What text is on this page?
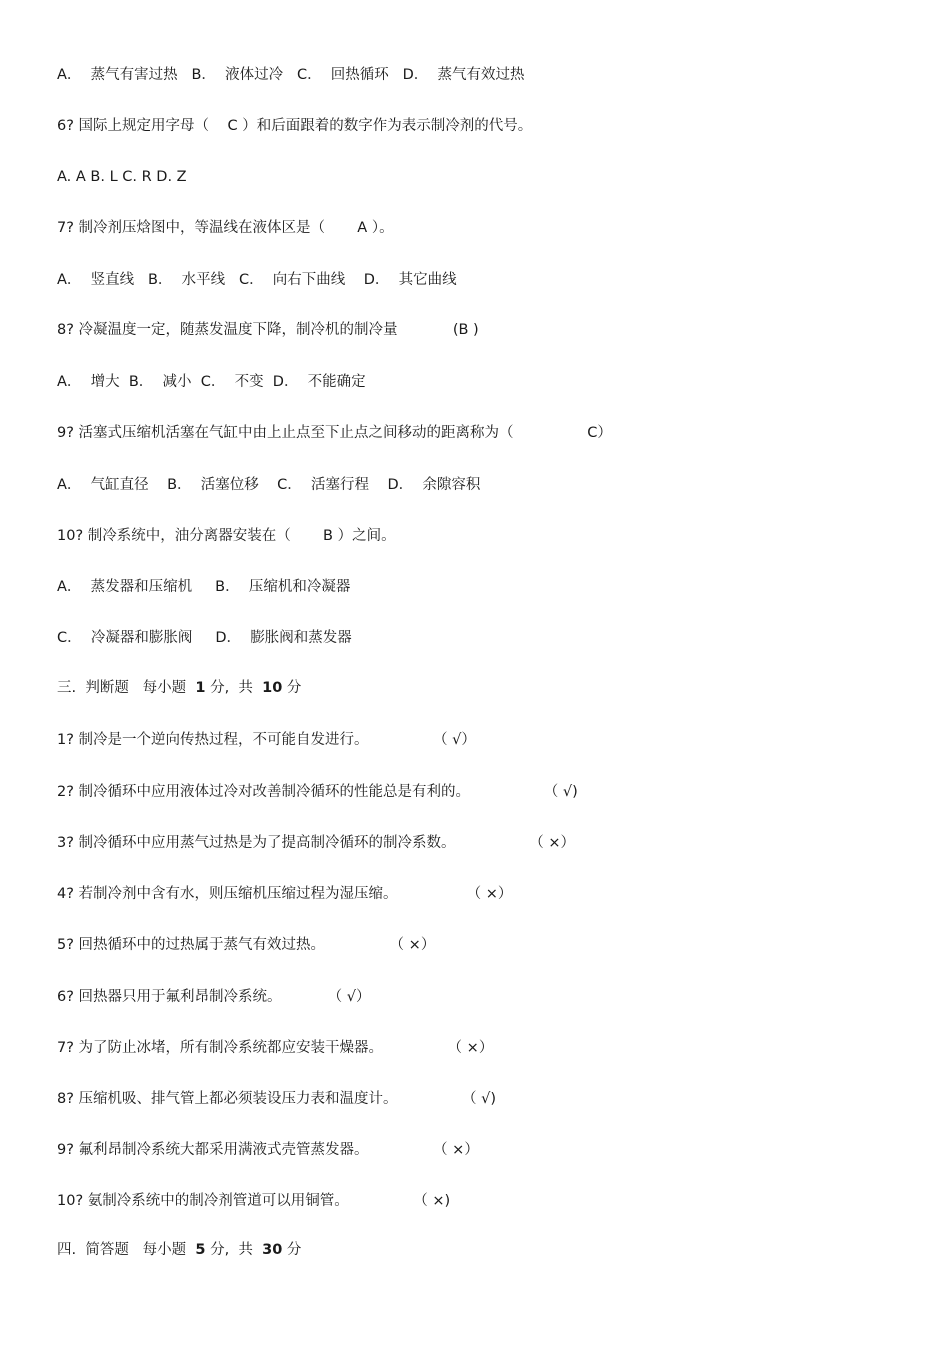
A．  蒸气有害过热   B．  液体过冷   C．  回热循环   D．  蒸气有效过热
6? 国际上规定用字母（    C ）和后面跟着的数字作为表示制冷剂的代号。
A. A B. L C. R D. Z
7? 制冷剂压焓图中，等温线在液体区是（       A ）。
A．  竖直线   B．  水平线   C．  向右下曲线    D．  其它曲线
8? 冷凝温度一定，随蒸发温度下降，制冷机的制冷量            (B )
A．  增大  B．  减小  C．  不变  D．  不能确定
9? 活塞式压缩机活塞在气缸中由上止点至下止点之间移动的距离称为（                C）
A．  气缸直径    B．  活塞位移    C．  活塞行程    D．  余隙容积
10? 制冷系统中，油分离器安装在（       B ）之间。
A．  蒸发器和压缩机     B．  压缩机和冷凝器
C．  冷凝器和膨胀阀     D．  膨胀阀和蒸发器
三.  判断题   每小题  1 分,  共  10 分
1? 制冷是一个逆向传热过程，不可能自发进行。              （ √）
2? 制冷循环中应用液体过冷对改善制冷循环的性能总是有利的。                （ √)
3? 制冷循环中应用蒸气过热是为了提高制冷循环的制冷系数。                （ ×）
4? 若制冷剂中含有水，则压缩机压缩过程为湿压缩。               （ ×）
5? 回热循环中的过热属于蒸气有效过热。              （ ×）
6? 回热器只用于氟利昂制冷系统。          （ √）
7? 为了防止冰堵，所有制冷系统都应安装干燥器。              （ ×）
8? 压缩机吸、排气管上都必须装设压力表和温度计。              （ √)
9? 氟利昂制冷系统大都采用满液式壳管蒸发器。              （ ×）
10? 氨制冷系统中的制冷剂管道可以用铜管。              （ ×)
四.  简答题   每小题  5 分,  共  30 分
